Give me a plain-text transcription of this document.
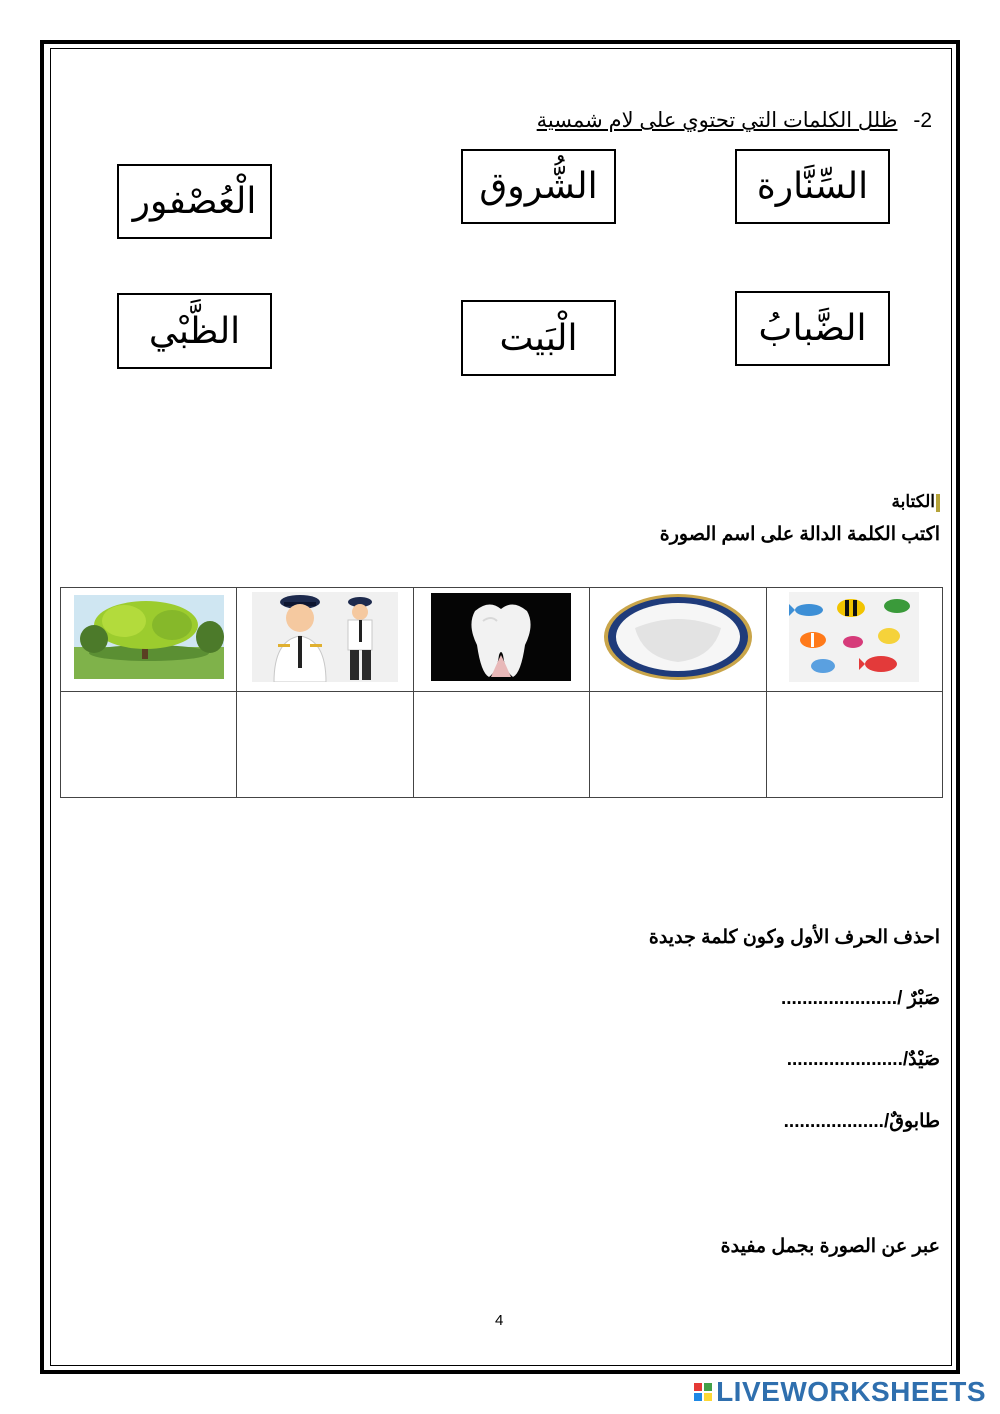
2- ظلل الكلمات التي تحتوي على لام شمسية
السِّنَّارة
الشُّروق
الْعُصْفور
الضَّبابُ
الْبَيت
الظَّبْي
الكتابة
اكتب الكلمة الدالة على اسم الصورة

احذف الحرف الأول وكون كلمة جديدة
صَبْرٌ /......................
صَيْدٌ/......................
طابوقٌ/...................
عبر عن الصورة بجمل مفيدة
4
LIVEWORKSHEETS
